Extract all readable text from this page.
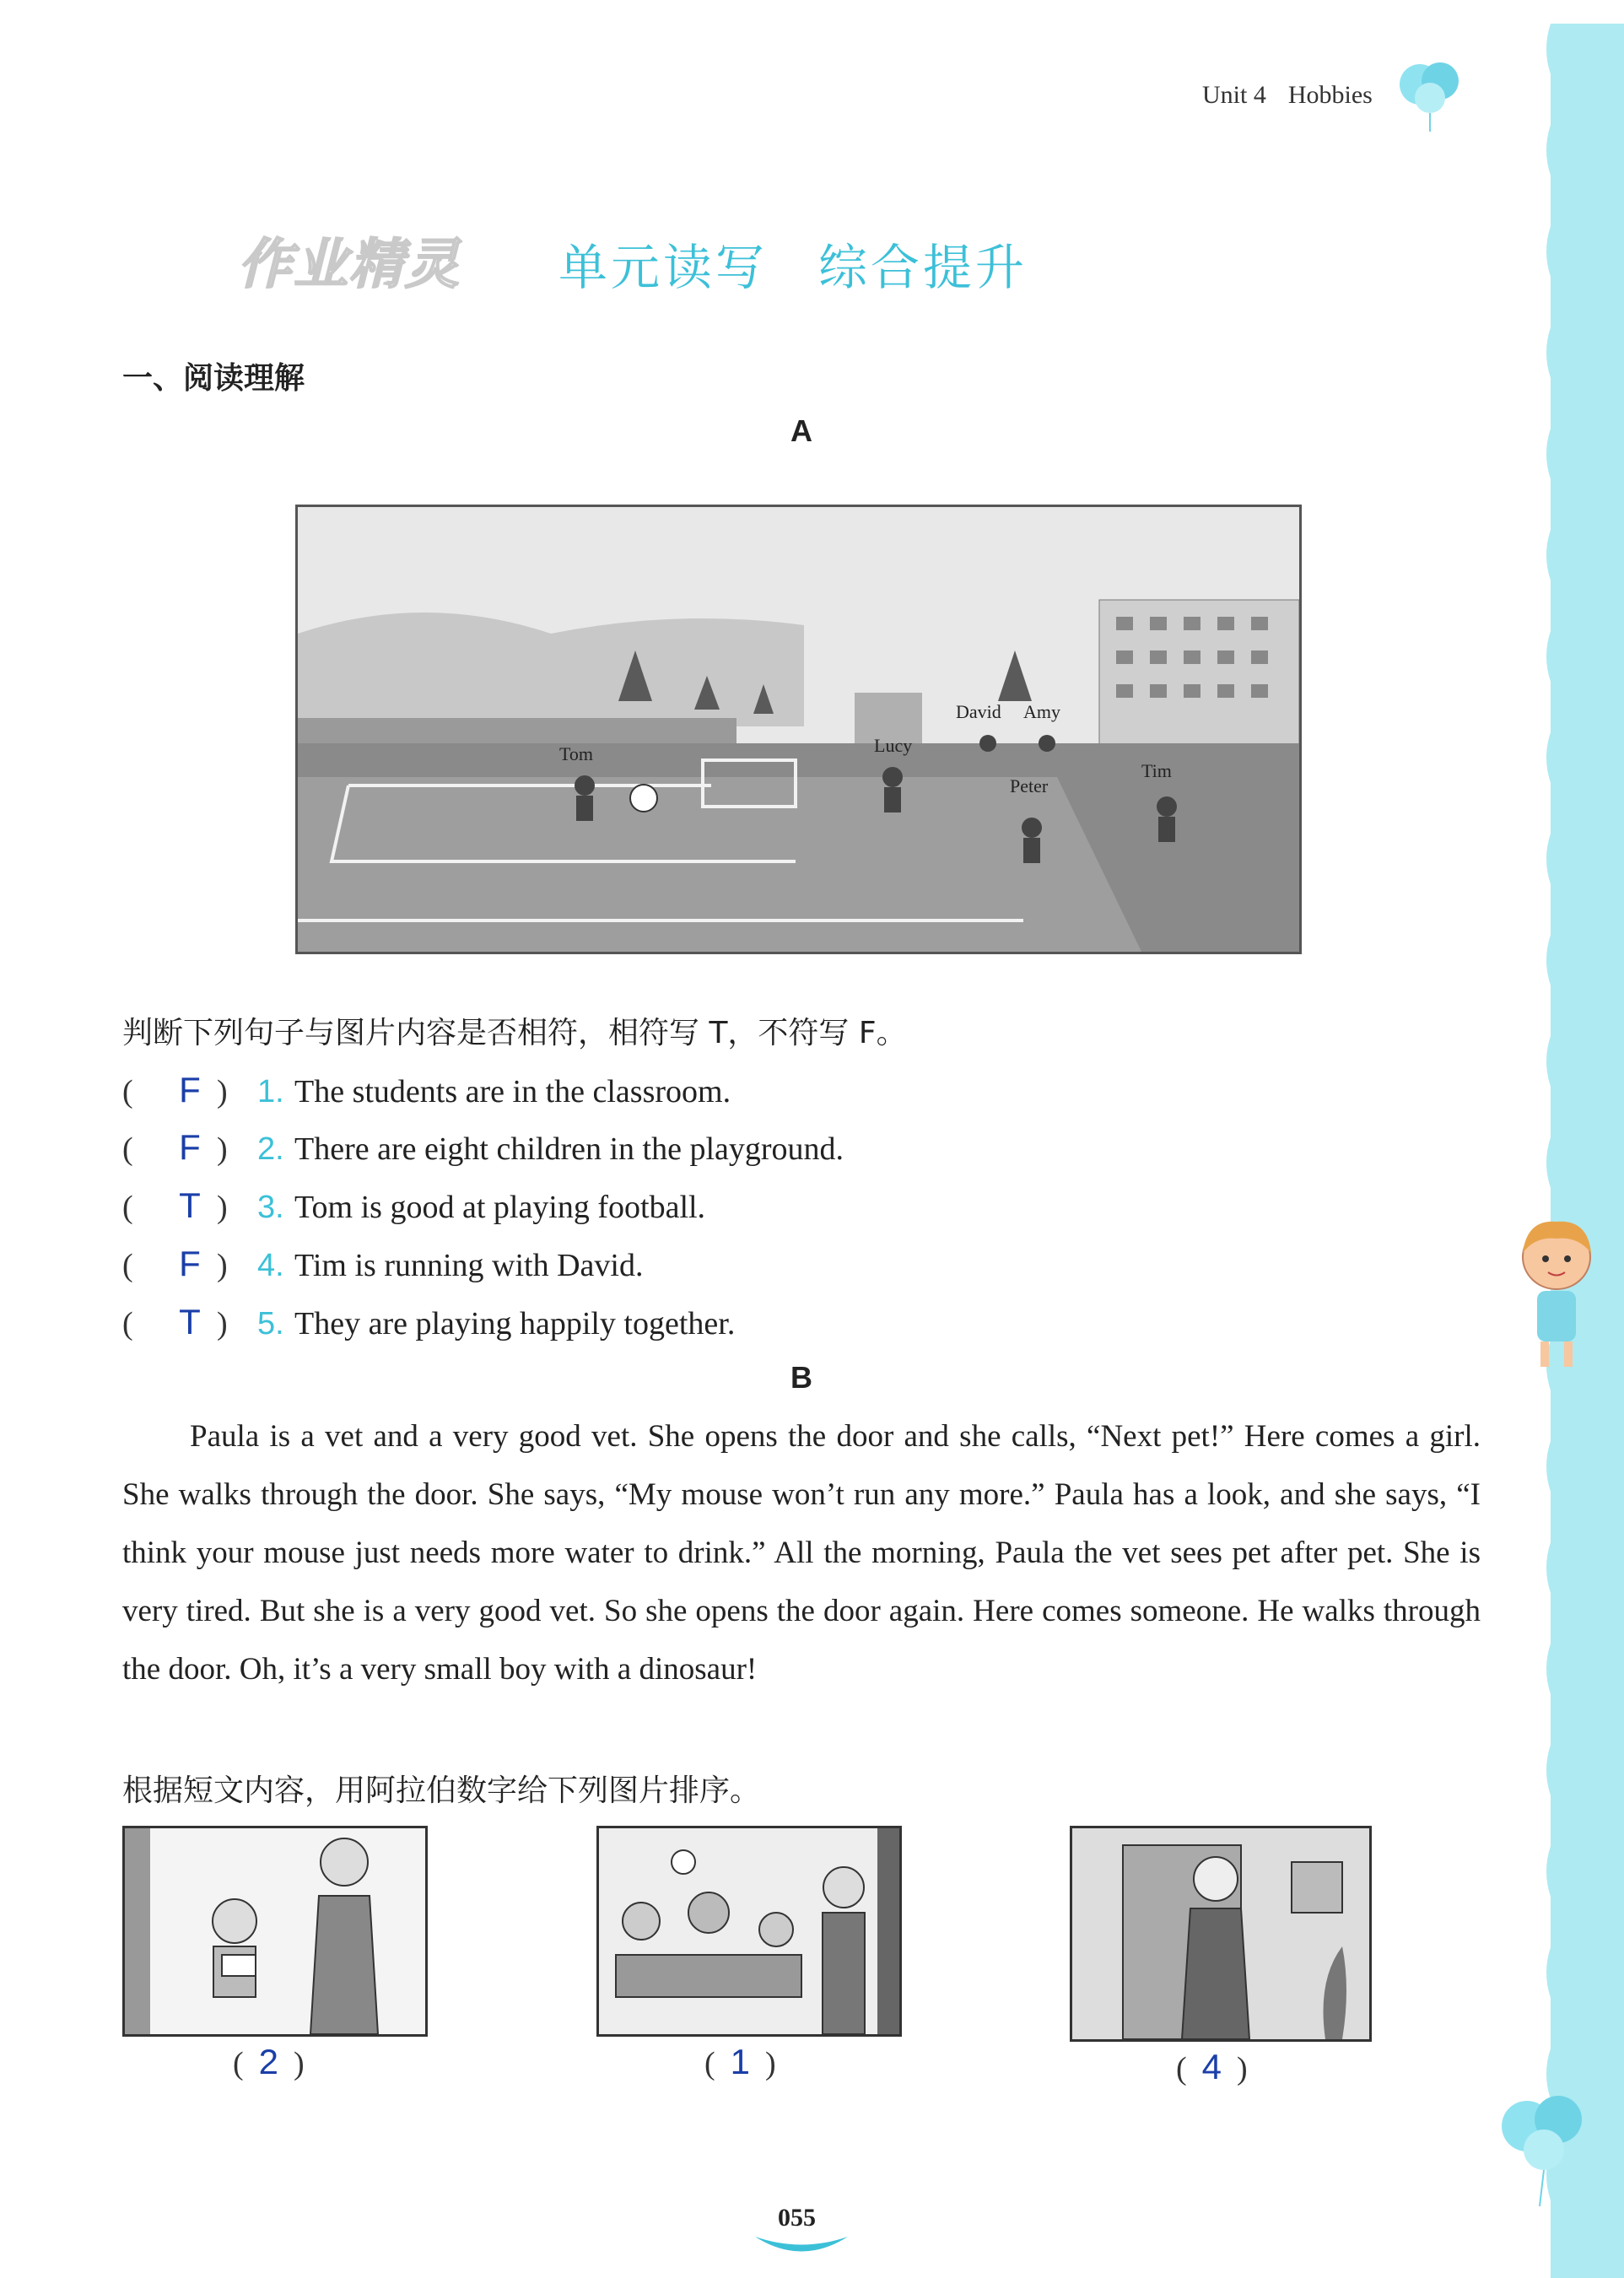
Unit 4 Hobbies
作业精灵 单元读写 综合提升
一、阅读理解
A
Tom	Lucy
David Amy
Peter
Tim
判断下列句子与图片内容是否相符，相符写 T，不符写 F。
( F ) 1. The students are in the classroom.
( F ) 2. There are eight children in the playground.
( T ) 3. Tom is good at playing football.
( F ) 4. Tim is running with David.
( T ) 5. They are playing happily together.
B
Paula is a vet and a very good vet. She opens the door and she calls, “Next pet!” Here comes a girl. She walks through the door. She says, “My mouse won’t run any more.” Paula has a look, and she says, “I think your mouse just needs more water to drink.” All the morning, Paula the vet sees pet after pet. She is very tired. But she is a very good vet. So she opens the door again. Here comes someone. He walks through the door. Oh, it’s a very small boy with a dinosaur!
根据短文内容，用阿拉伯数字给下列图片排序。
( 2 )	( 1 )	( 4 )
055
